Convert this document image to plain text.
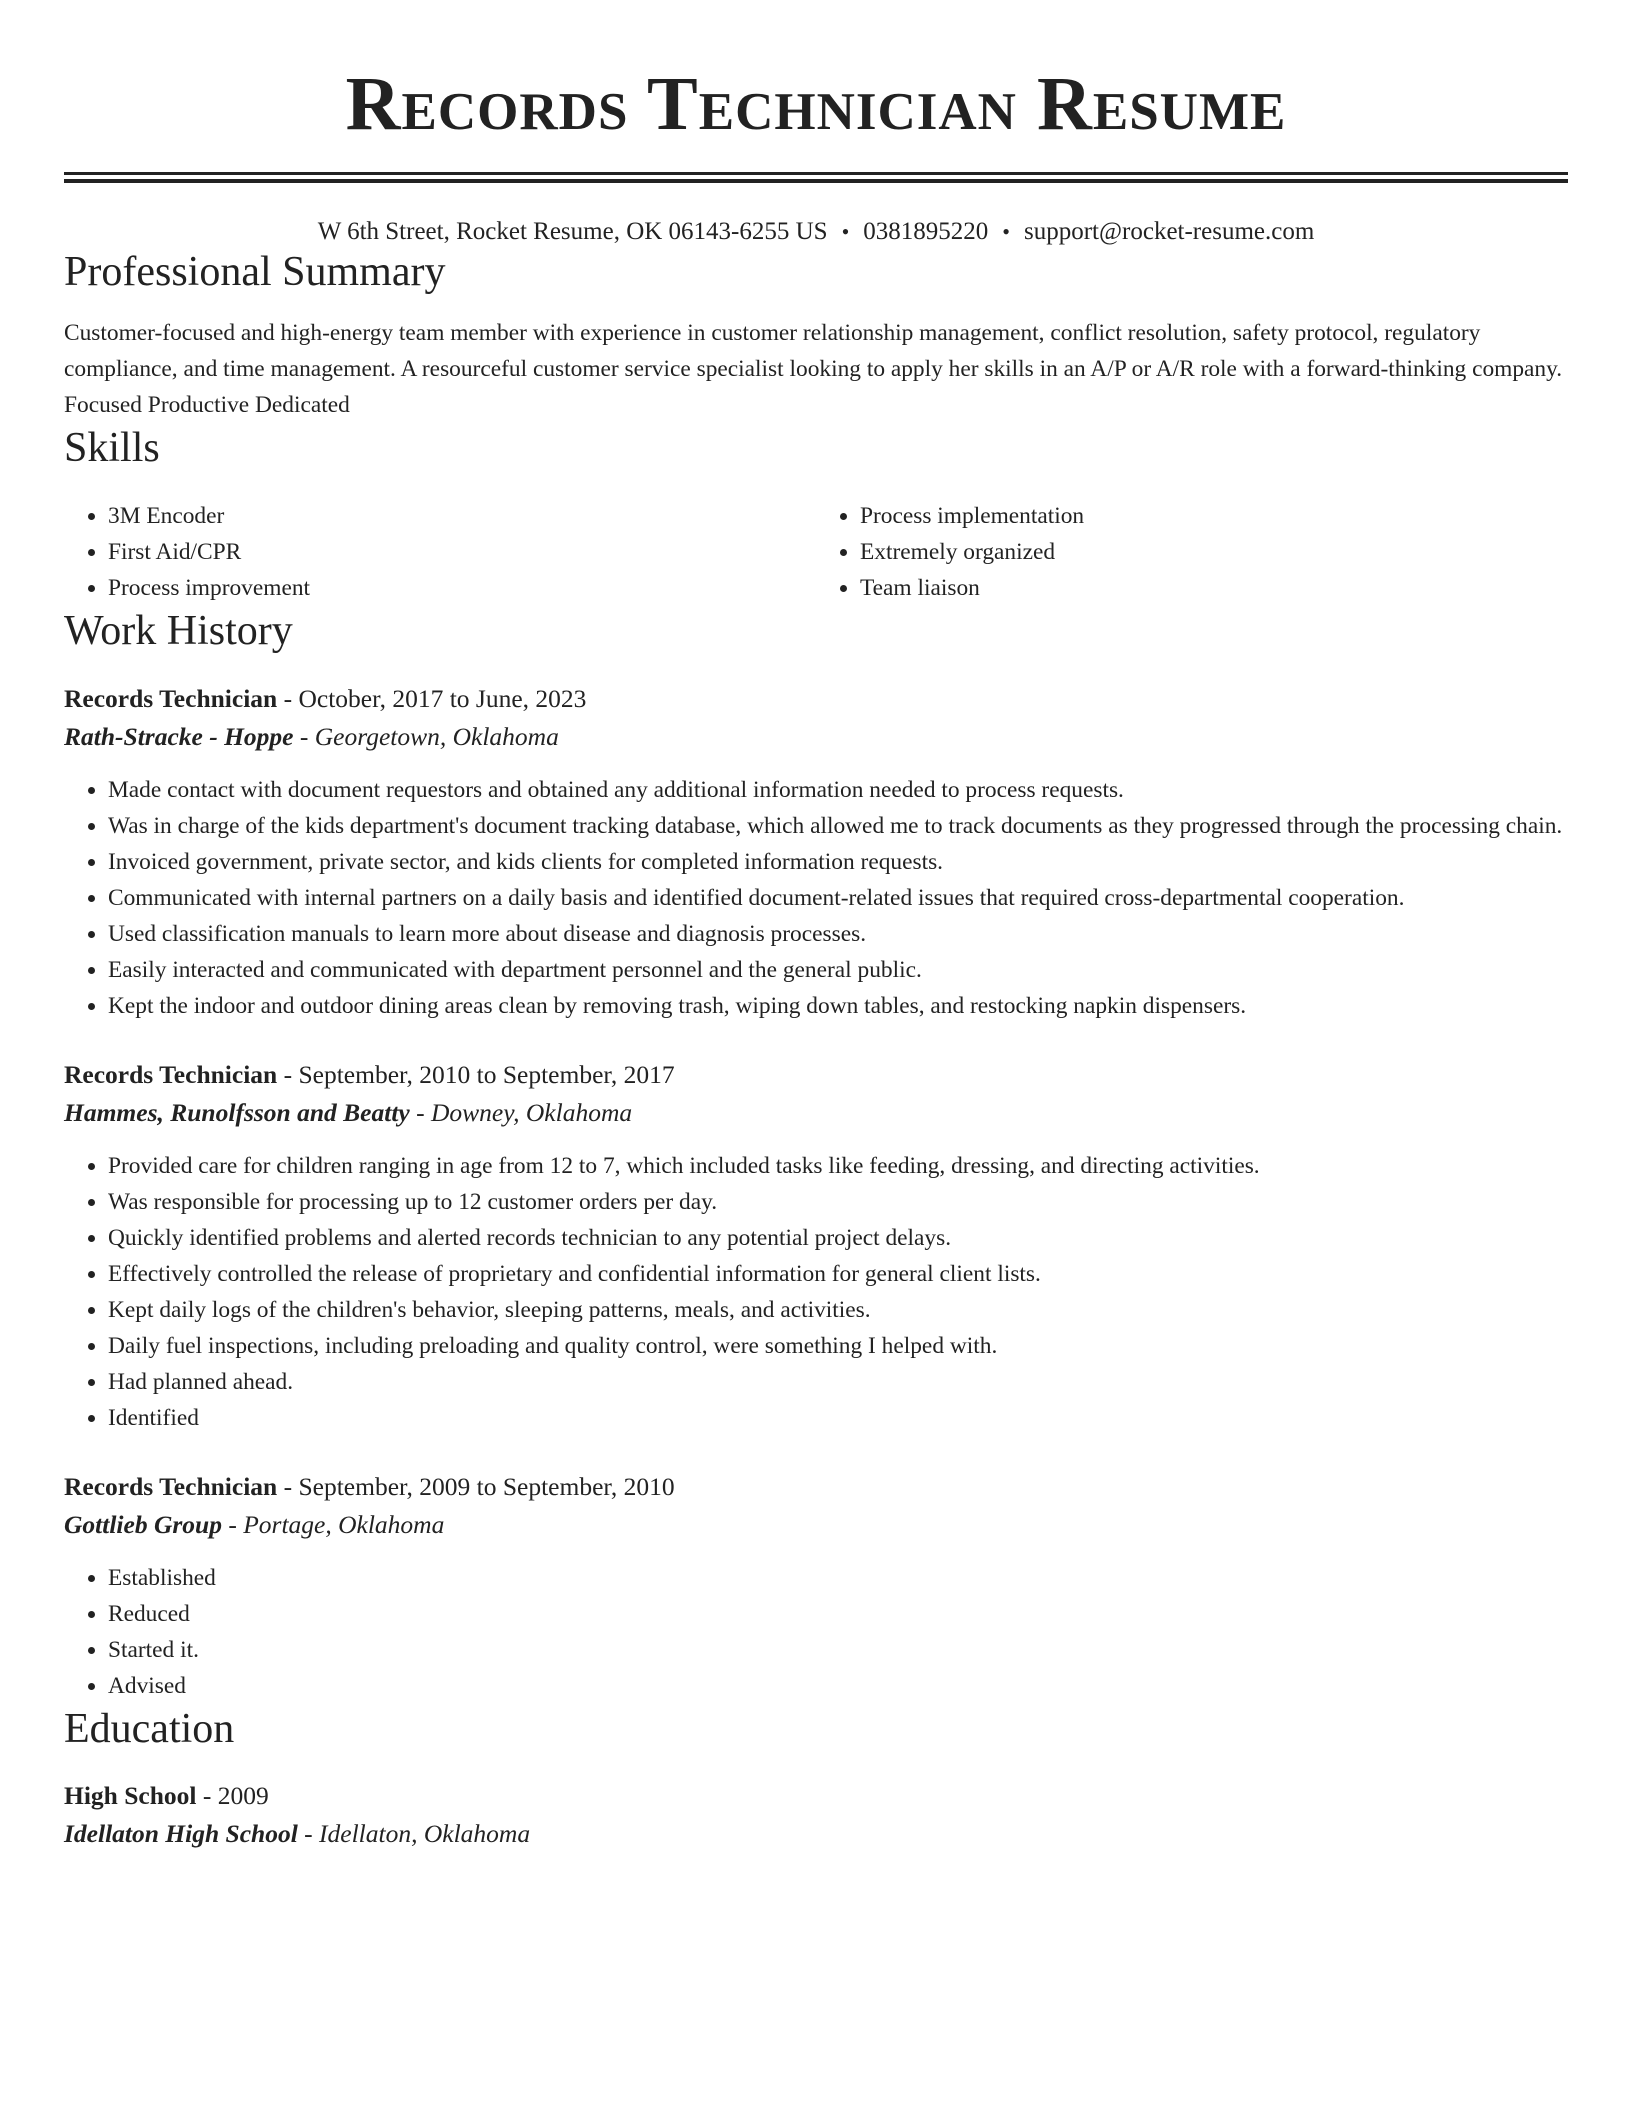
Records Technician Resume
W 6th Street, Rocket Resume, OK 06143-6255 US • 0381895220 • support@rocket-resume.com
Professional Summary

Customer-focused and high-energy team member with experience in customer relationship management, conflict resolution, safety protocol, regulatory compliance, and time management. A resourceful customer service specialist looking to apply her skills in an A/P or A/R role with a forward-thinking company. Focused Productive Dedicated

Skills
• 3M Encoder
• First Aid/CPR
• Process improvement
• Process implementation
• Extremely organized
• Team liaison
Work History
Records Technician - October, 2017 to June, 2023
Rath-Stracke - Hoppe - Georgetown, Oklahoma
• Made contact with document requestors and obtained any additional information needed to process requests.
• Was in charge of the kids department's document tracking database, which allowed me to track documents as they progressed through the processing chain.
• Invoiced government, private sector, and kids clients for completed information requests.
• Communicated with internal partners on a daily basis and identified document-related issues that required cross-departmental cooperation.
• Used classification manuals to learn more about disease and diagnosis processes.
• Easily interacted and communicated with department personnel and the general public.
• Kept the indoor and outdoor dining areas clean by removing trash, wiping down tables, and restocking napkin dispensers.
Records Technician - September, 2010 to September, 2017
Hammes, Runolfsson and Beatty - Downey, Oklahoma
• Provided care for children ranging in age from 12 to 7, which included tasks like feeding, dressing, and directing activities.
• Was responsible for processing up to 12 customer orders per day.
• Quickly identified problems and alerted records technician to any potential project delays.
• Effectively controlled the release of proprietary and confidential information for general client lists.
• Kept daily logs of the children's behavior, sleeping patterns, meals, and activities.
• Daily fuel inspections, including preloading and quality control, were something I helped with.
• Had planned ahead.
• Identified
Records Technician - September, 2009 to September, 2010
Gottlieb Group - Portage, Oklahoma
• Established
• Reduced
• Started it.
• Advised
Education
High School - 2009
Idellaton High School - Idellaton, Oklahoma
